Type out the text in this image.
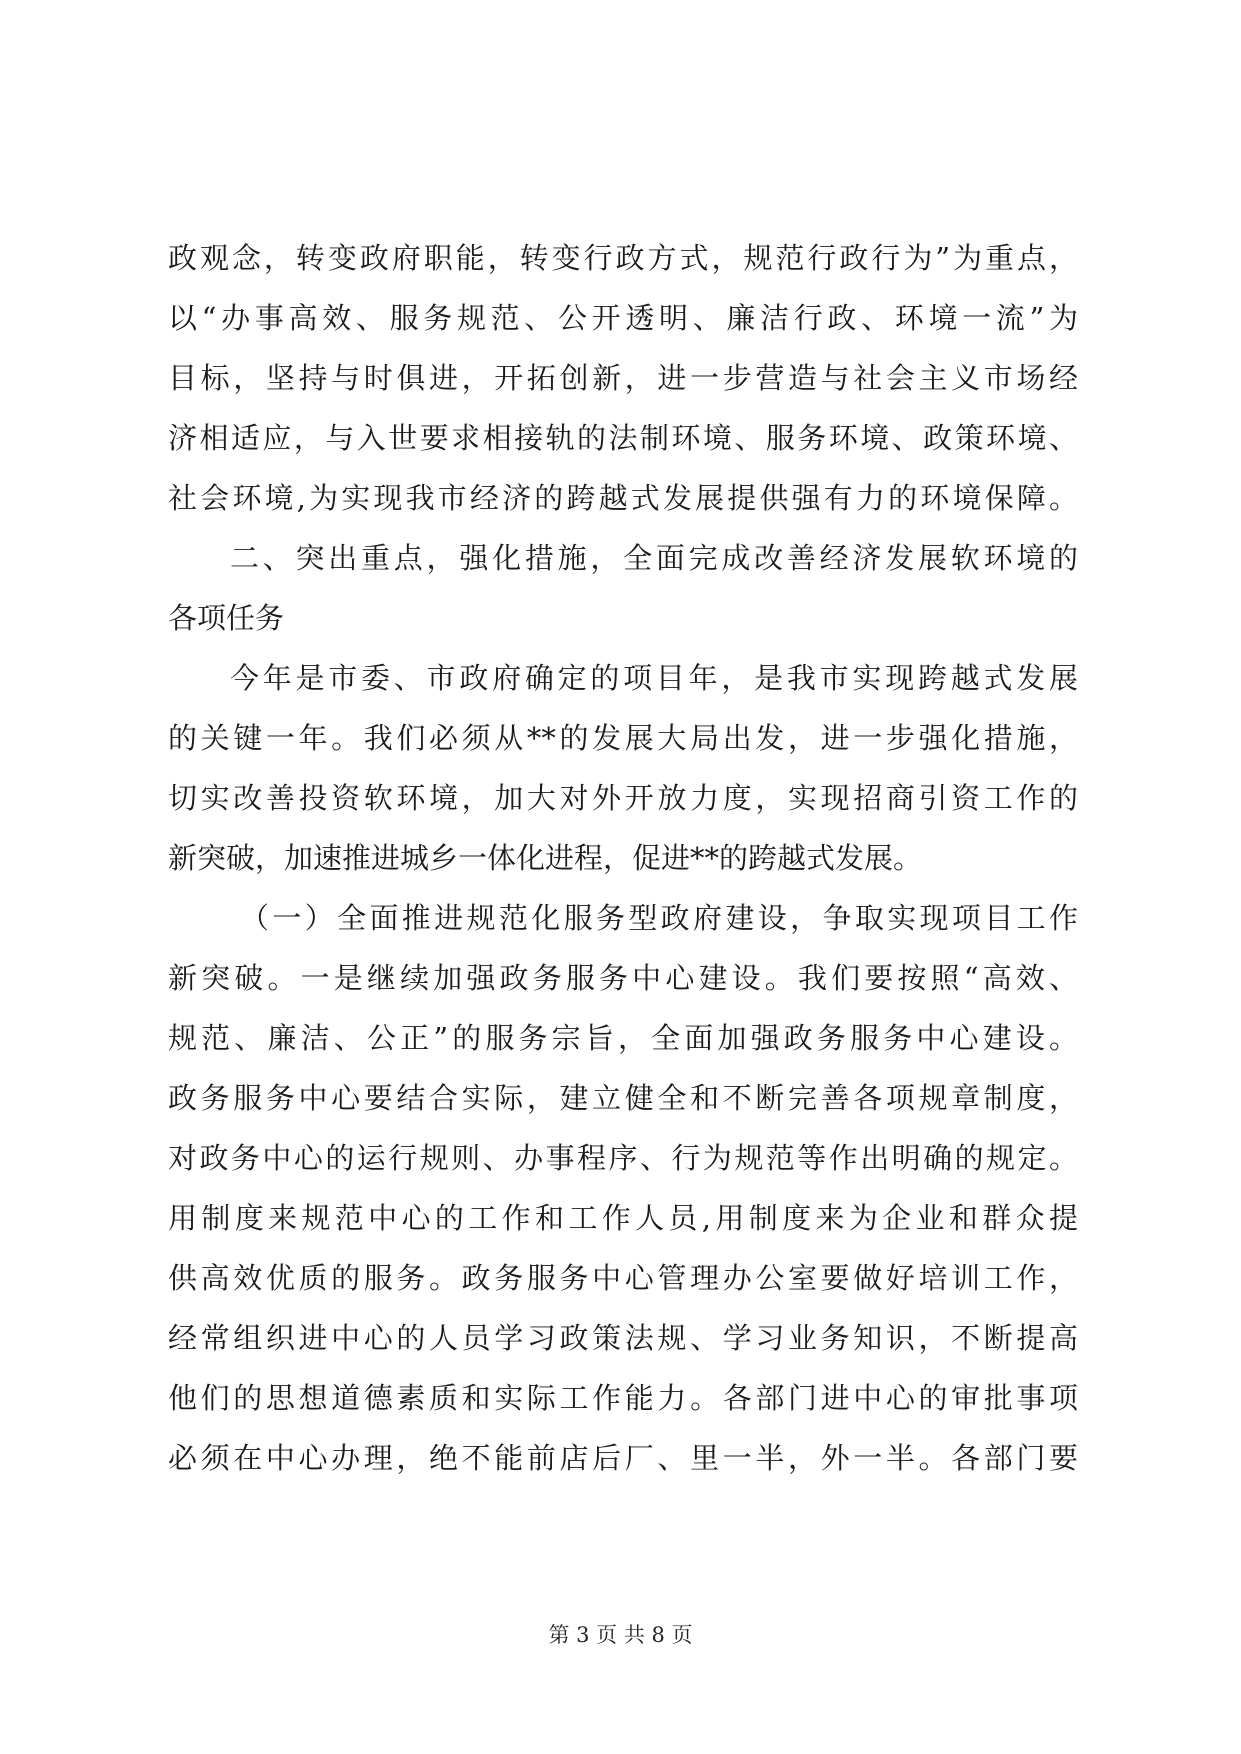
政观念，转变政府职能，转变行政方式，规范行政行为”为重点，
以“办事高效、服务规范、公开透明、廉洁行政、环境一流”为
目标，坚持与时俱进，开拓创新，进一步营造与社会主义市场经
济相适应，与入世要求相接轨的法制环境、服务环境、政策环境、
社会环境,为实现我市经济的跨越式发展提供强有力的环境保障。
二、突出重点，强化措施，全面完成改善经济发展软环境的
各项任务
今年是市委、市政府确定的项目年，是我市实现跨越式发展
的关键一年。我们必须从**的发展大局出发，进一步强化措施，
切实改善投资软环境，加大对外开放力度，实现招商引资工作的
新突破，加速推进城乡一体化进程，促进**的跨越式发展。
（一）全面推进规范化服务型政府建设，争取实现项目工作
新突破。一是继续加强政务服务中心建设。我们要按照“高效、
规范、廉洁、公正”的服务宗旨，全面加强政务服务中心建设。
政务服务中心要结合实际，建立健全和不断完善各项规章制度，
对政务中心的运行规则、办事程序、行为规范等作出明确的规定。
用制度来规范中心的工作和工作人员,用制度来为企业和群众提
供高效优质的服务。政务服务中心管理办公室要做好培训工作，
经常组织进中心的人员学习政策法规、学习业务知识，不断提高
他们的思想道德素质和实际工作能力。各部门进中心的审批事项
必须在中心办理，绝不能前店后厂、里一半，外一半。各部门要
第 3 页 共 8 页
